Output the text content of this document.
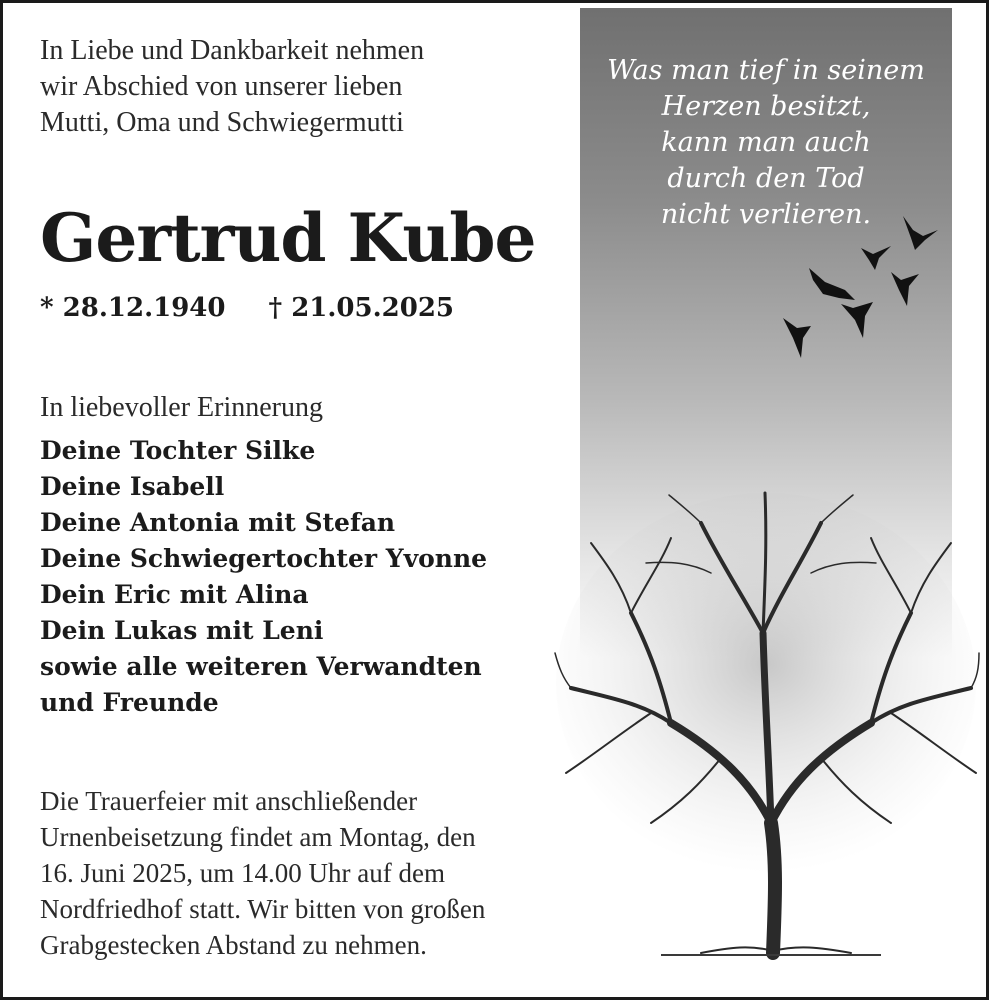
In Liebe und Dankbarkeit nehmen
wir Abschied von unserer lieben
Mutti, Oma und Schwiegermutti
Gertrud Kube
* 28.12.1940 † 21.05.2025
In liebevoller Erinnerung
Deine Tochter Silke
Deine Isabell
Deine Antonia mit Stefan
Deine Schwiegertochter Yvonne
Dein Eric mit Alina
Dein Lukas mit Leni
sowie alle weiteren Verwandten
und Freunde
Die Trauerfeier mit anschließender
Urnenbeisetzung findet am Montag, den
16. Juni 2025, um 14.00 Uhr auf dem
Nordfriedhof statt. Wir bitten von großen
Grabgestecken Abstand zu nehmen.
Was man tief in seinem
Herzen besitzt,
kann man auch
durch den Tod
nicht verlieren.
